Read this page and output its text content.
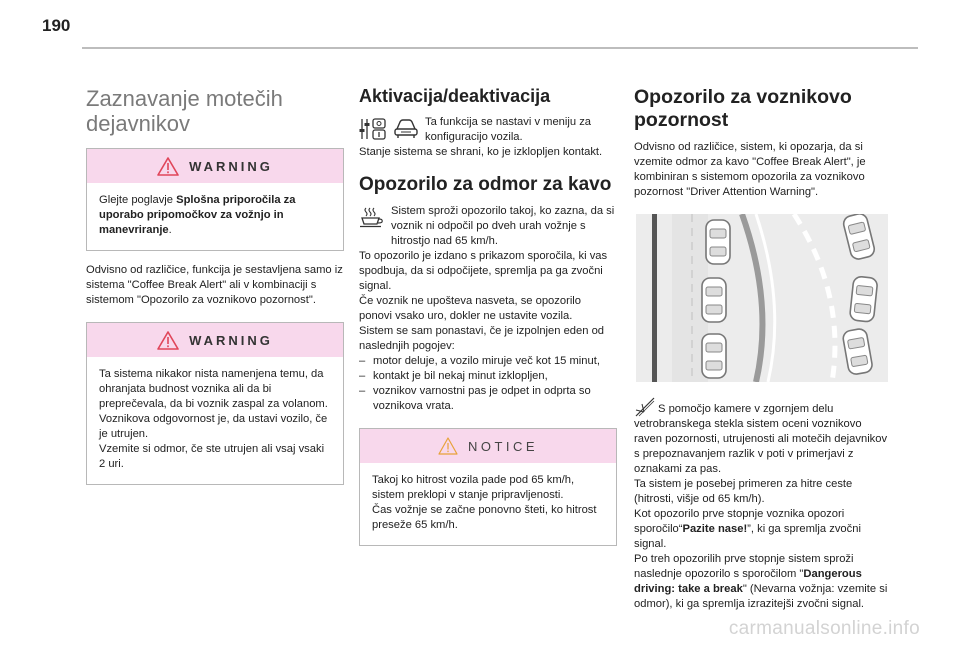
190
Zaznavanje motečih
dejavnikov
WARNING

Glejte poglavje Splošna priporočila za uporabo pripomočkov za vožnjo in manevriranje.

Odvisno od različice, funkcija je sestavljena samo iz sistema "Coffee Break Alert" ali v kombinaciji s sistemom "Opozorilo za voznikovo pozornost".

WARNING

Ta sistema nikakor nista namenjena temu, da ohranjata budnost voznika ali da bi preprečevala, da bi voznik zaspal za volanom.
Voznikova odgovornost je, da ustavi vozilo, če je utrujen.
Vzemite si odmor, če ste utrujen ali vsaj vsaki 2 uri.

Aktivacija/deaktivacija

Ta funkcija se nastavi v meniju za konfiguracijo vozila.

Stanje sistema se shrani, ko je izklopljen kontakt.

Opozorilo za odmor za kavo

Sistem sproži opozorilo takoj, ko zazna, da si voznik ni odpočil po dveh urah vožnje s hitrostjo nad 65 km/h.

To opozorilo je izdano s prikazom sporočila, ki vas spodbuja, da si odpočijete, spremlja pa ga zvočni signal.
Če voznik ne upošteva nasveta, se opozorilo ponovi vsako uro, dokler ne ustavite vozila.
Sistem se sam ponastavi, če je izpolnjen eden od naslednjih pogojev:

– motor deluje, a vozilo miruje več kot 15 minut,
– kontakt je bil nekaj minut izklopljen,
– voznikov varnostni pas je odpet in odprta so voznikova vrata.
NOTICE

Takoj ko hitrost vozila pade pod 65 km/h, sistem preklopi v stanje pripravljenosti.
Čas vožnje se začne ponovno šteti, ko hitrost preseže 65 km/h.

Opozorilo za voznikovo pozornost

Odvisno od različice, sistem, ki opozarja, da si vzemite odmor za kavo "Coffee Break Alert", je kombiniran s sistemom opozorila za voznikovo pozornost "Driver Attention Warning".

S pomočjo kamere v zgornjem delu vetrobranskega stekla sistem oceni voznikovo raven pozornosti, utrujenosti ali motečih dejavnikov s prepoznavanjem razlik v poti v primerjavi z oznakami za pas.
Ta sistem je posebej primeren za hitre ceste (hitrosti, višje od 65 km/h).

Kot opozorilo prve stopnje voznika opozori sporočilo“Pazite nase!”, ki ga spremlja zvočni signal.

Po treh opozorilih prve stopnje sistem sproži naslednje opozorilo s sporočilom "Dangerous driving: take a break" (Nevarna vožnja: vzemite si odmor), ki ga spremlja izrazitejši zvočni signal.

carmanualsonline.info
